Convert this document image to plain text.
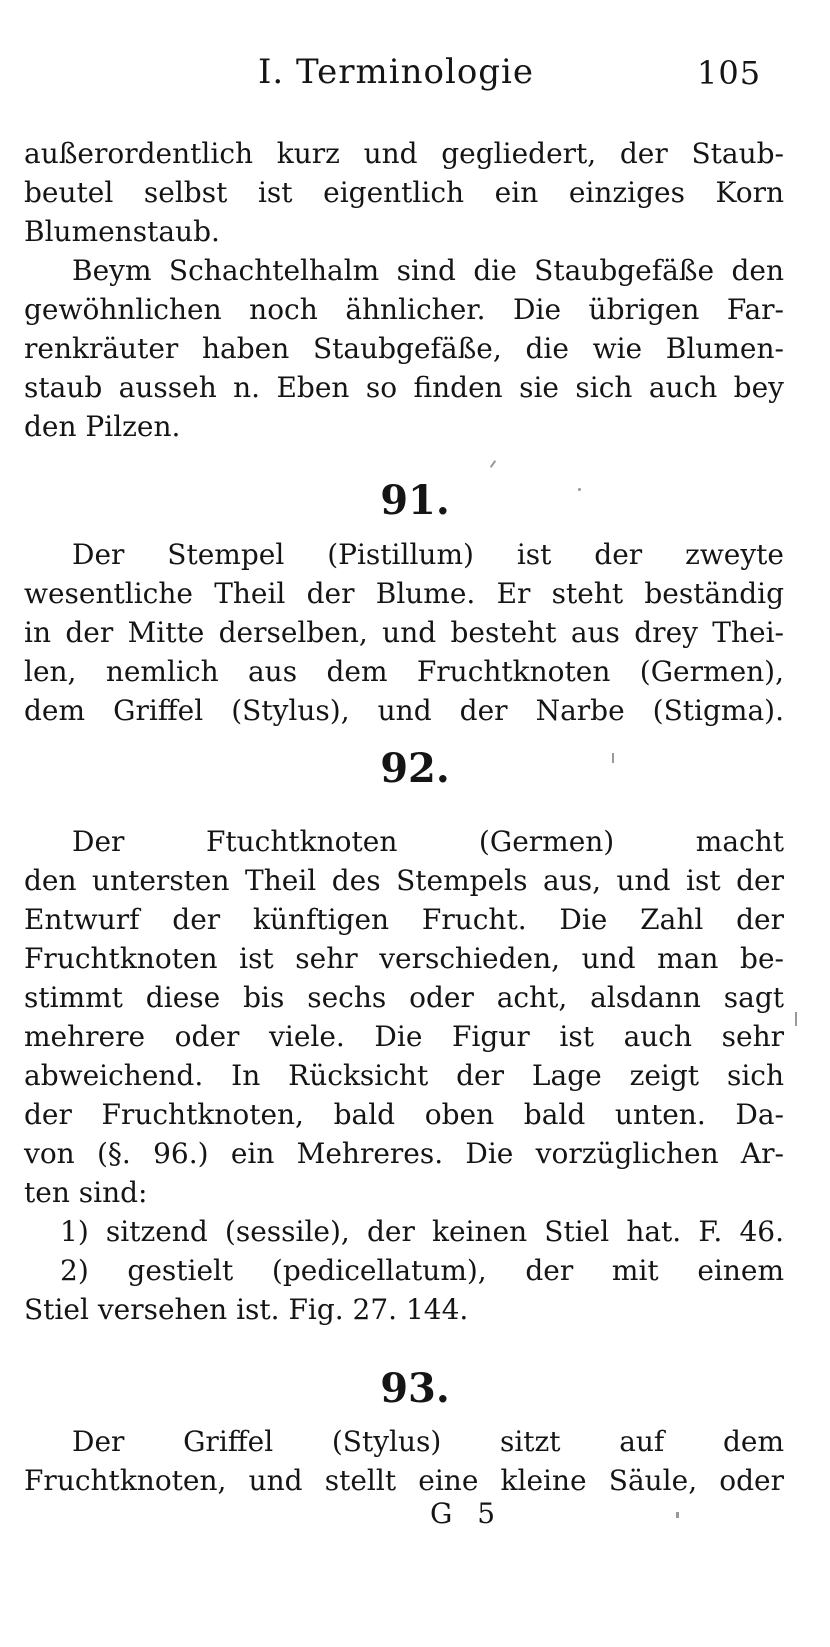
I. Terminologie	105
außerordentlich kurz und gegliedert, der Staub-
beutel selbst ist eigentlich ein einziges Korn
Blumenstaub.
Beym Schachtelhalm sind die Staubgefäße den
gewöhnlichen noch ähnlicher. Die übrigen Far-
renkräuter haben Staubgefäße, die wie Blumen-
staub ausseh n. Eben so finden sie sich auch bey
den Pilzen.
91.
Der Stempel (Pistillum) ist der zweyte
wesentliche Theil der Blume. Er steht beständig
in der Mitte derselben, und besteht aus drey Thei-
len, nemlich aus dem Fruchtknoten (Germen),
dem Griffel (Stylus), und der Narbe (Stigma).
92.
Der Ftuchtknoten (Germen) macht
den untersten Theil des Stempels aus, und ist der
Entwurf der künftigen Frucht. Die Zahl der
Fruchtknoten ist sehr verschieden, und man be-
stimmt diese bis sechs oder acht, alsdann sagt
mehrere oder viele. Die Figur ist auch sehr
abweichend. In Rücksicht der Lage zeigt sich
der Fruchtknoten, bald oben bald unten. Da-
von (§. 96.) ein Mehreres. Die vorzüglichen Ar-
ten sind:
1) sitzend (sessile), der keinen Stiel hat. F. 46.
2) gestielt (pedicellatum), der mit einem
Stiel versehen ist. Fig. 27. 144.
93.
Der Griffel (Stylus) sitzt auf dem
Fruchtknoten, und stellt eine kleine Säule, oder
G 5
